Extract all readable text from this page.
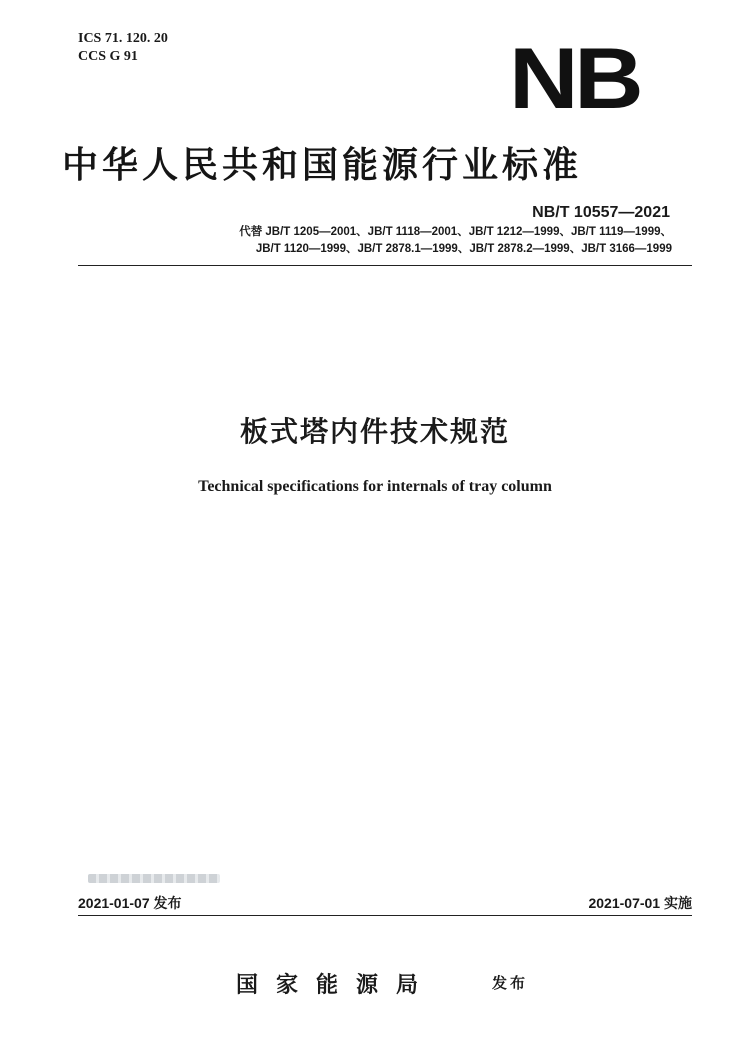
ICS 71. 120. 20
CCS G 91	NB
中华人民共和国能源行业标准
NB/T 10557—2021
代替 JB/T 1205—2001、JB/T 1118—2001、JB/T 1212—1999、JB/T 1119—1999、
JB/T 1120—1999、JB/T 2878.1—1999、JB/T 2878.2—1999、JB/T 3166—1999
板式塔内件技术规范
Technical specifications for internals of tray column
2021-01-07 发布	2021-07-01 实施
国家能源局	发布
